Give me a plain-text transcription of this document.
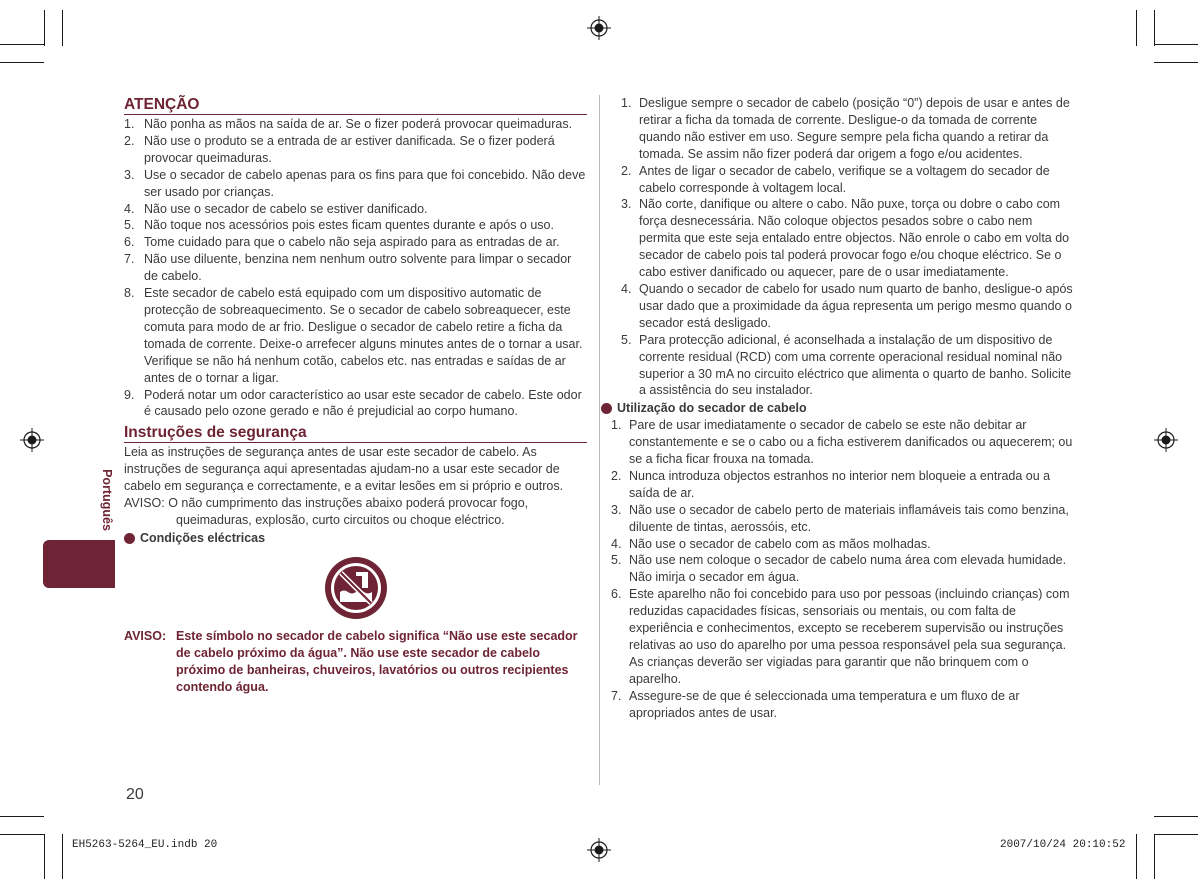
Português
ATENÇÃO
1. Não ponha as mãos na saída de ar. Se o fizer poderá provocar queimaduras.
2. Não use o produto se a entrada de ar estiver danificada. Se o fizer poderá provocar queimaduras.
3. Use o secador de cabelo apenas para os fins para que foi concebido. Não deve ser usado por crianças.
4. Não use o secador de cabelo se estiver danificado.
5. Não toque nos acessórios pois estes ficam quentes durante e após o uso.
6. Tome cuidado para que o cabelo não seja aspirado para as entradas de ar.
7. Não use diluente, benzina nem nenhum outro solvente para limpar o secador de cabelo.
8. Este secador de cabelo está equipado com um dispositivo automatic de protecção de sobreaquecimento. Se o secador de cabelo sobreaquecer, este comuta para modo de ar frio. Desligue o secador de cabelo retire a ficha da tomada de corrente. Deixe-o arrefecer alguns minutes antes de o tornar a usar. Verifique se não há nenhum cotão, cabelos etc. nas entradas e saídas de ar antes de o tornar a ligar.
9. Poderá notar um odor característico ao usar este secador de cabelo. Este odor é causado pelo ozone gerado e não é prejudicial ao corpo humano.
Instruções de segurança

Leia as instruções de segurança antes de usar este secador de cabelo. As instruções de segurança aqui apresentadas ajudam-no a usar este secador de cabelo em segurança e correctamente, e a evitar lesões em si próprio e outros.

AVISO: O não cumprimento das instruções abaixo poderá provocar fogo, queimaduras, explosão, curto circuitos ou choque eléctrico.

Condições eléctricas
AVISO: Este símbolo no secador de cabelo significa “Não use este secador de cabelo próximo da água”. Não use este secador de cabelo próximo de banheiras, chuveiros, lavatórios ou outros recipientes contendo água.
1. Desligue sempre o secador de cabelo (posição “0”) depois de usar e antes de retirar a ficha da tomada de corrente. Desligue-o da tomada de corrente quando não estiver em uso. Segure sempre pela ficha quando a retirar da tomada. Se assim não fizer poderá dar origem a fogo e/ou acidentes.
2. Antes de ligar o secador de cabelo, verifique se a voltagem do secador de cabelo corresponde à voltagem local.
3. Não corte, danifique ou altere o cabo. Não puxe, torça ou dobre o cabo com força desnecessária. Não coloque objectos pesados sobre o cabo nem permita que este seja entalado entre objectos. Não enrole o cabo em volta do secador de cabelo pois tal poderá provocar fogo e/ou choque eléctrico. Se o cabo estiver danificado ou aquecer, pare de o usar imediatamente.
4. Quando o secador de cabelo for usado num quarto de banho, desligue-o após usar dado que a proximidade da água representa um perigo mesmo quando o secador está desligado.
5. Para protecção adicional, é aconselhada a instalação de um dispositivo de corrente residual (RCD) com uma corrente operacional residual nominal não superior a 30 mA no circuito eléctrico que alimenta o quarto de banho. Solicite a assistência do seu instalador.
Utilização do secador de cabelo
1. Pare de usar imediatamente o secador de cabelo se este não debitar ar constantemente e se o cabo ou a ficha estiverem danificados ou aquecerem; ou se a ficha ficar frouxa na tomada.
2. Nunca introduza objectos estranhos no interior nem bloqueie a entrada ou a saída de ar.
3. Não use o secador de cabelo perto de materiais inflamáveis tais como benzina, diluente de tintas, aerossóis, etc.
4. Não use o secador de cabelo com as mãos molhadas.
5. Não use nem coloque o secador de cabelo numa área com elevada humidade. Não imirja o secador em água.
6. Este aparelho não foi concebido para uso por pessoas (incluindo crianças) com reduzidas capacidades físicas, sensoriais ou mentais, ou com falta de experiência e conhecimentos, excepto se receberem supervisão ou instruções relativas ao uso do aparelho por uma pessoa responsável pela sua segurança.
As crianças deverão ser vigiadas para garantir que não brinquem com o aparelho.
7. Assegure-se de que é seleccionada uma temperatura e um fluxo de ar apropriados antes de usar.
20
EH5263-5264_EU.indb 20	2007/10/24 20:10:52
